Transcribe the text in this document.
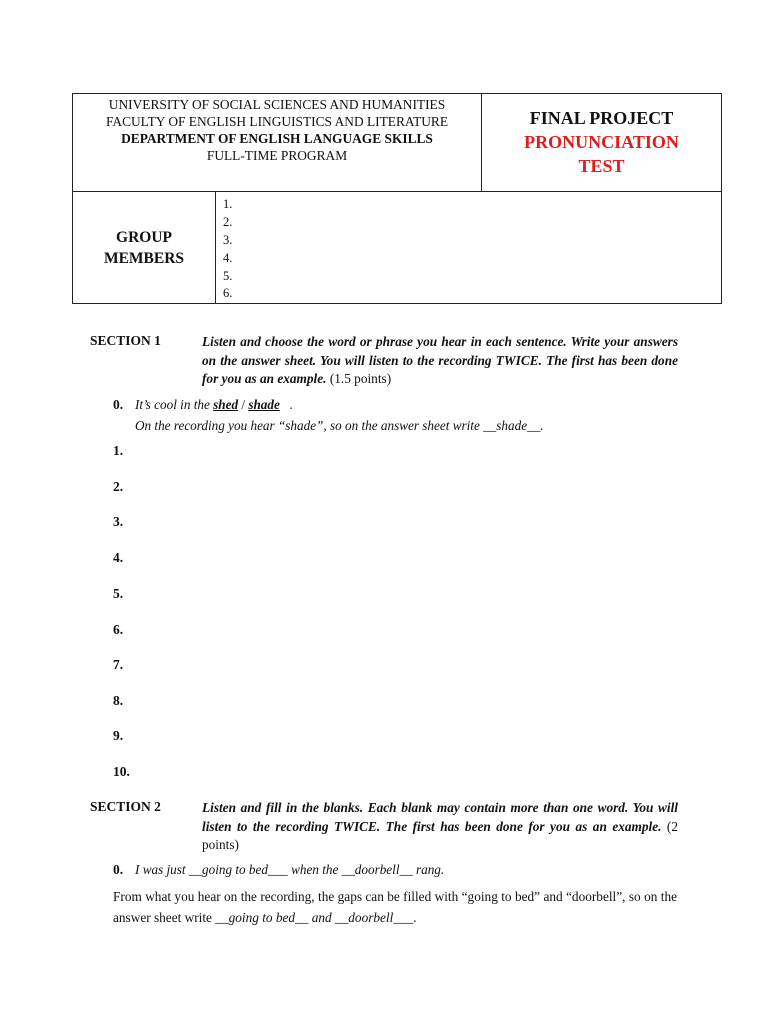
UNIVERSITY OF SOCIAL SCIENCES AND HUMANITIES
FACULTY OF ENGLISH LINGUISTICS AND LITERATURE
DEPARTMENT OF ENGLISH LANGUAGE SKILLS
FULL-TIME PROGRAM

FINAL PROJECT
PRONUNCIATION
TEST

GROUP
MEMBERS

1.
2.
3.
4.
5.
6.
SECTION 1	Listen and choose the word or phrase you hear in each sentence. Write your answers on the answer sheet. You will listen to the recording TWICE. The first has been done for you as an example. (1.5 points)
0. It’s cool in the shed / shade .
On the recording you hear “shade”, so on the answer sheet write __shade__.
1.
2.
3.
4.
5.
6.
7.
8.
9.
10.
SECTION 2	Listen and fill in the blanks. Each blank may contain more than one word. You will listen to the recording TWICE. The first has been done for you as an example. (2 points)
0. I was just __going to bed___ when the __doorbell__ rang.
From what you hear on the recording, the gaps can be filled with “going to bed” and “doorbell”, so on the answer sheet write __going to bed__ and __doorbell___.
